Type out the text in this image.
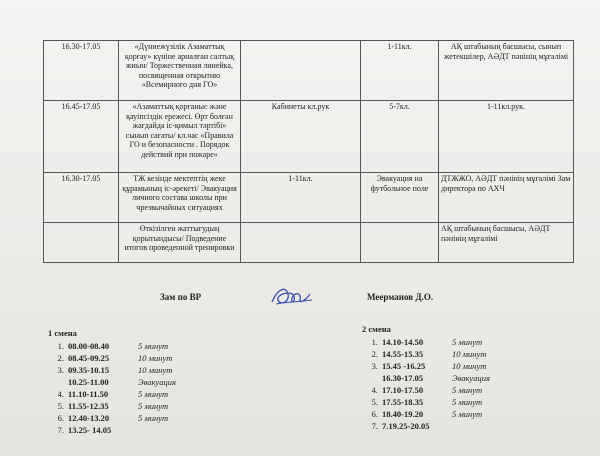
16.30-17.05	«Дүниежүзілік Азаматтық қорғау» күніне арналған салтық жиын/ Торжественная линейка, посвященная открытию «Всемирного дня ГО»		1-11кл.	АҚ штабының басшысы, сынып жетекшілер, АӘДТ пәнінің мұғалімі
16.45-17.05	«Азаматтық қорғаныс және қауіпсіздік ережесі. Өрт болған жағдайда іс-қимыл тәртібі» сынып сағаты/ кл.час «Правила ГО и безопасности . Порядок действий при пожаре»	Кабинеты кл.рук	5-7кл.	1-11кл.рук.
16.30-17.05	ТЖ кезінде мектептің жеке құрамының іс-әрекеті/ Эвакуация личного состава школы при чрезвычайных ситуациях	1-11кл.	Эвакуация на футбольное поле	ДТЖЖО, АӘДТ пәнінің мұғалімі Зам директора по АХЧ
	Өткізілген жаттығудың қорытындысы/ Подведение итогов проведенной тренировки			АҚ штабының басшысы, АӘДТ пәнінің мұғалімі
Зам по ВР	Меерманов Д.О.
1 смена
1. 08.00-08.40	5 минут
2. 08.45-09.25	10 минут
3. 09.35-10.15	10 минут
10.25-11.00	Эвакуация
4. 11.10-11.50	5 минут
5. 11.55-12.35	5 минут
6. 12.40-13.20	5 минут
7. 13.25- 14.05
2 смена
1. 14.10-14.50	5 минут
2. 14.55-15.35	10 минут
3. 15.45 -16.25	10 минут
16.30-17.05	Эвакуация
4. 17.10-17.50	5 минут
5. 17.55-18.35	5 минут
6. 18.40-19.20	5 минут
7. 7.19.25-20.05
